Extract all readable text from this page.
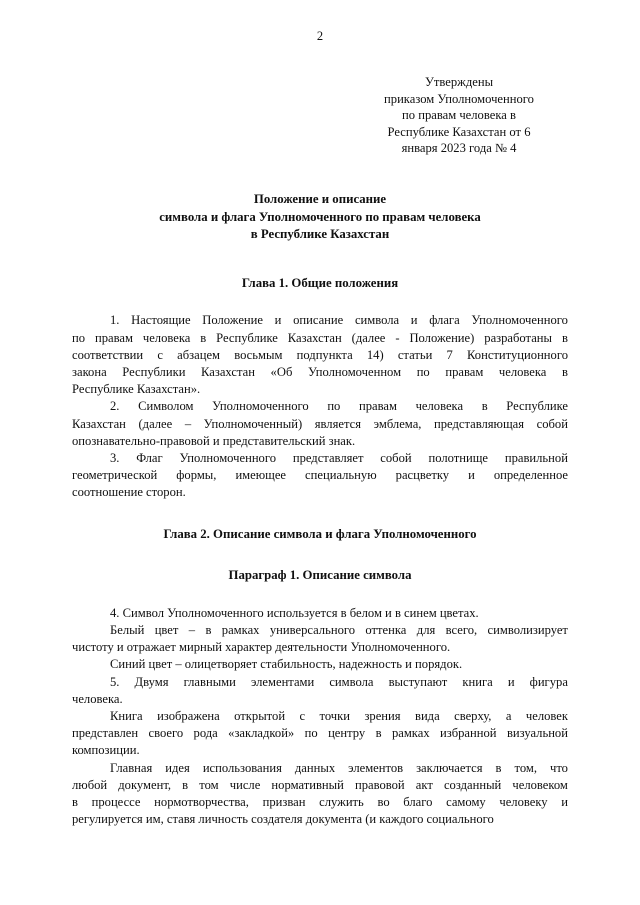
2
Утверждены
приказом Уполномоченного
по правам человека в
Республике Казахстан от 6
января 2023 года № 4
Положение и описание
символа и флага Уполномоченного по правам человека
в Республике Казахстан
Глава 1. Общие положения
1. Настоящие Положение и описание символа и флага Уполномоченного
по правам человека в Республике Казахстан (далее - Положение) разработаны в
соответствии с абзацем восьмым подпункта 14) статьи 7 Конституционного
закона Республики Казахстан «Об Уполномоченном по правам человека в
Республике Казахстан».
2. Символом Уполномоченного по правам человека в Республике
Казахстан (далее – Уполномоченный) является эмблема, представляющая собой
опознавательно-правовой и представительский знак.
3. Флаг Уполномоченного представляет собой полотнище правильной
геометрической формы, имеющее специальную расцветку и определенное
соотношение сторон.
Глава 2. Описание символа и флага Уполномоченного
Параграф 1. Описание символа
4. Символ Уполномоченного используется в белом и в синем цветах.
Белый цвет – в рамках универсального оттенка для всего, символизирует
чистоту и отражает мирный характер деятельности Уполномоченного.
Синий цвет – олицетворяет стабильность, надежность и порядок.
5. Двумя главными элементами символа выступают книга и фигура
человека.
Книга изображена открытой с точки зрения вида сверху, а человек
представлен своего рода «закладкой» по центру в рамках избранной визуальной
композиции.
Главная идея использования данных элементов заключается в том, что
любой документ, в том числе нормативный правовой акт созданный человеком
в процессе нормотворчества, призван служить во благо самому человеку и
регулируется им, ставя личность создателя документа (и каждого социального
